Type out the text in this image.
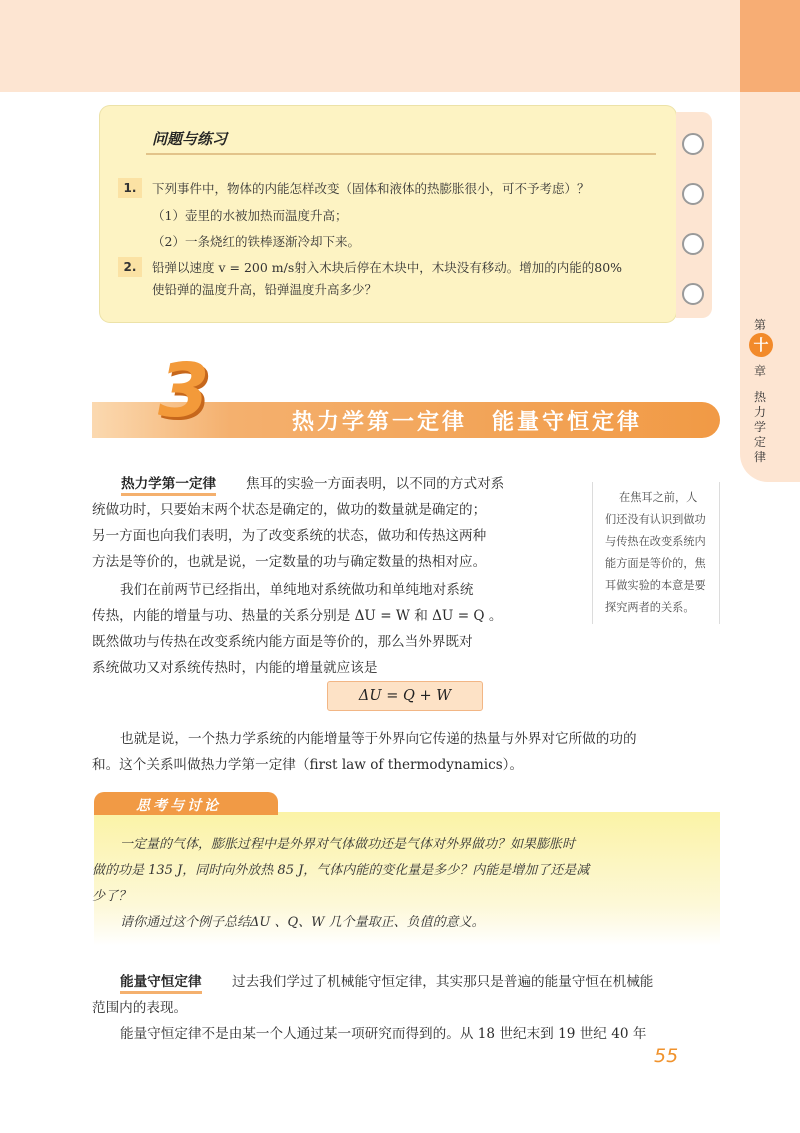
问题与练习
1.	下列事件中，物体的内能怎样改变（固体和液体的热膨胀很小，可不予考虑）？
（1）壶里的水被加热而温度升高；
（2）一条烧红的铁棒逐渐冷却下来。
2.	铅弹以速度 v = 200 m/s射入木块后停在木块中，木块没有移动。增加的内能的80%
使铅弹的温度升高，铅弹温度升高多少？
第
十
章
热力学定律
3	热力学第一定律　能量守恒定律
热力学第一定律 焦耳的实验一方面表明，以不同的方式对系
统做功时，只要始末两个状态是确定的，做功的数量就是确定的；
另一方面也向我们表明，为了改变系统的状态，做功和传热这两种
方法是等价的，也就是说，一定数量的功与确定数量的热相对应。
我们在前两节已经指出，单纯地对系统做功和单纯地对系统
传热，内能的增量与功、热量的关系分别是 ΔU = W 和 ΔU = Q 。
既然做功与传热在改变系统内能方面是等价的，那么当外界既对
系统做功又对系统传热时，内能的增量就应该是
在焦耳之前，人
们还没有认识到做功
与传热在改变系统内
能方面是等价的，焦
耳做实验的本意是要
探究两者的关系。
ΔU = Q + W
也就是说，一个热力学系统的内能增量等于外界向它传递的热量与外界对它所做的功的
和。这个关系叫做热力学第一定律（first law of thermodynamics）。
思考与讨论
一定量的气体，膨胀过程中是外界对气体做功还是气体对外界做功？如果膨胀时
做的功是 135 J，同时向外放热 85 J，气体内能的变化量是多少？内能是增加了还是减
少了？
请你通过这个例子总结ΔU 、Q、W 几个量取正、负值的意义。
能量守恒定律 过去我们学过了机械能守恒定律，其实那只是普遍的能量守恒在机械能
范围内的表现。
能量守恒定律不是由某一个人通过某一项研究而得到的。从 18 世纪末到 19 世纪 40 年
55
